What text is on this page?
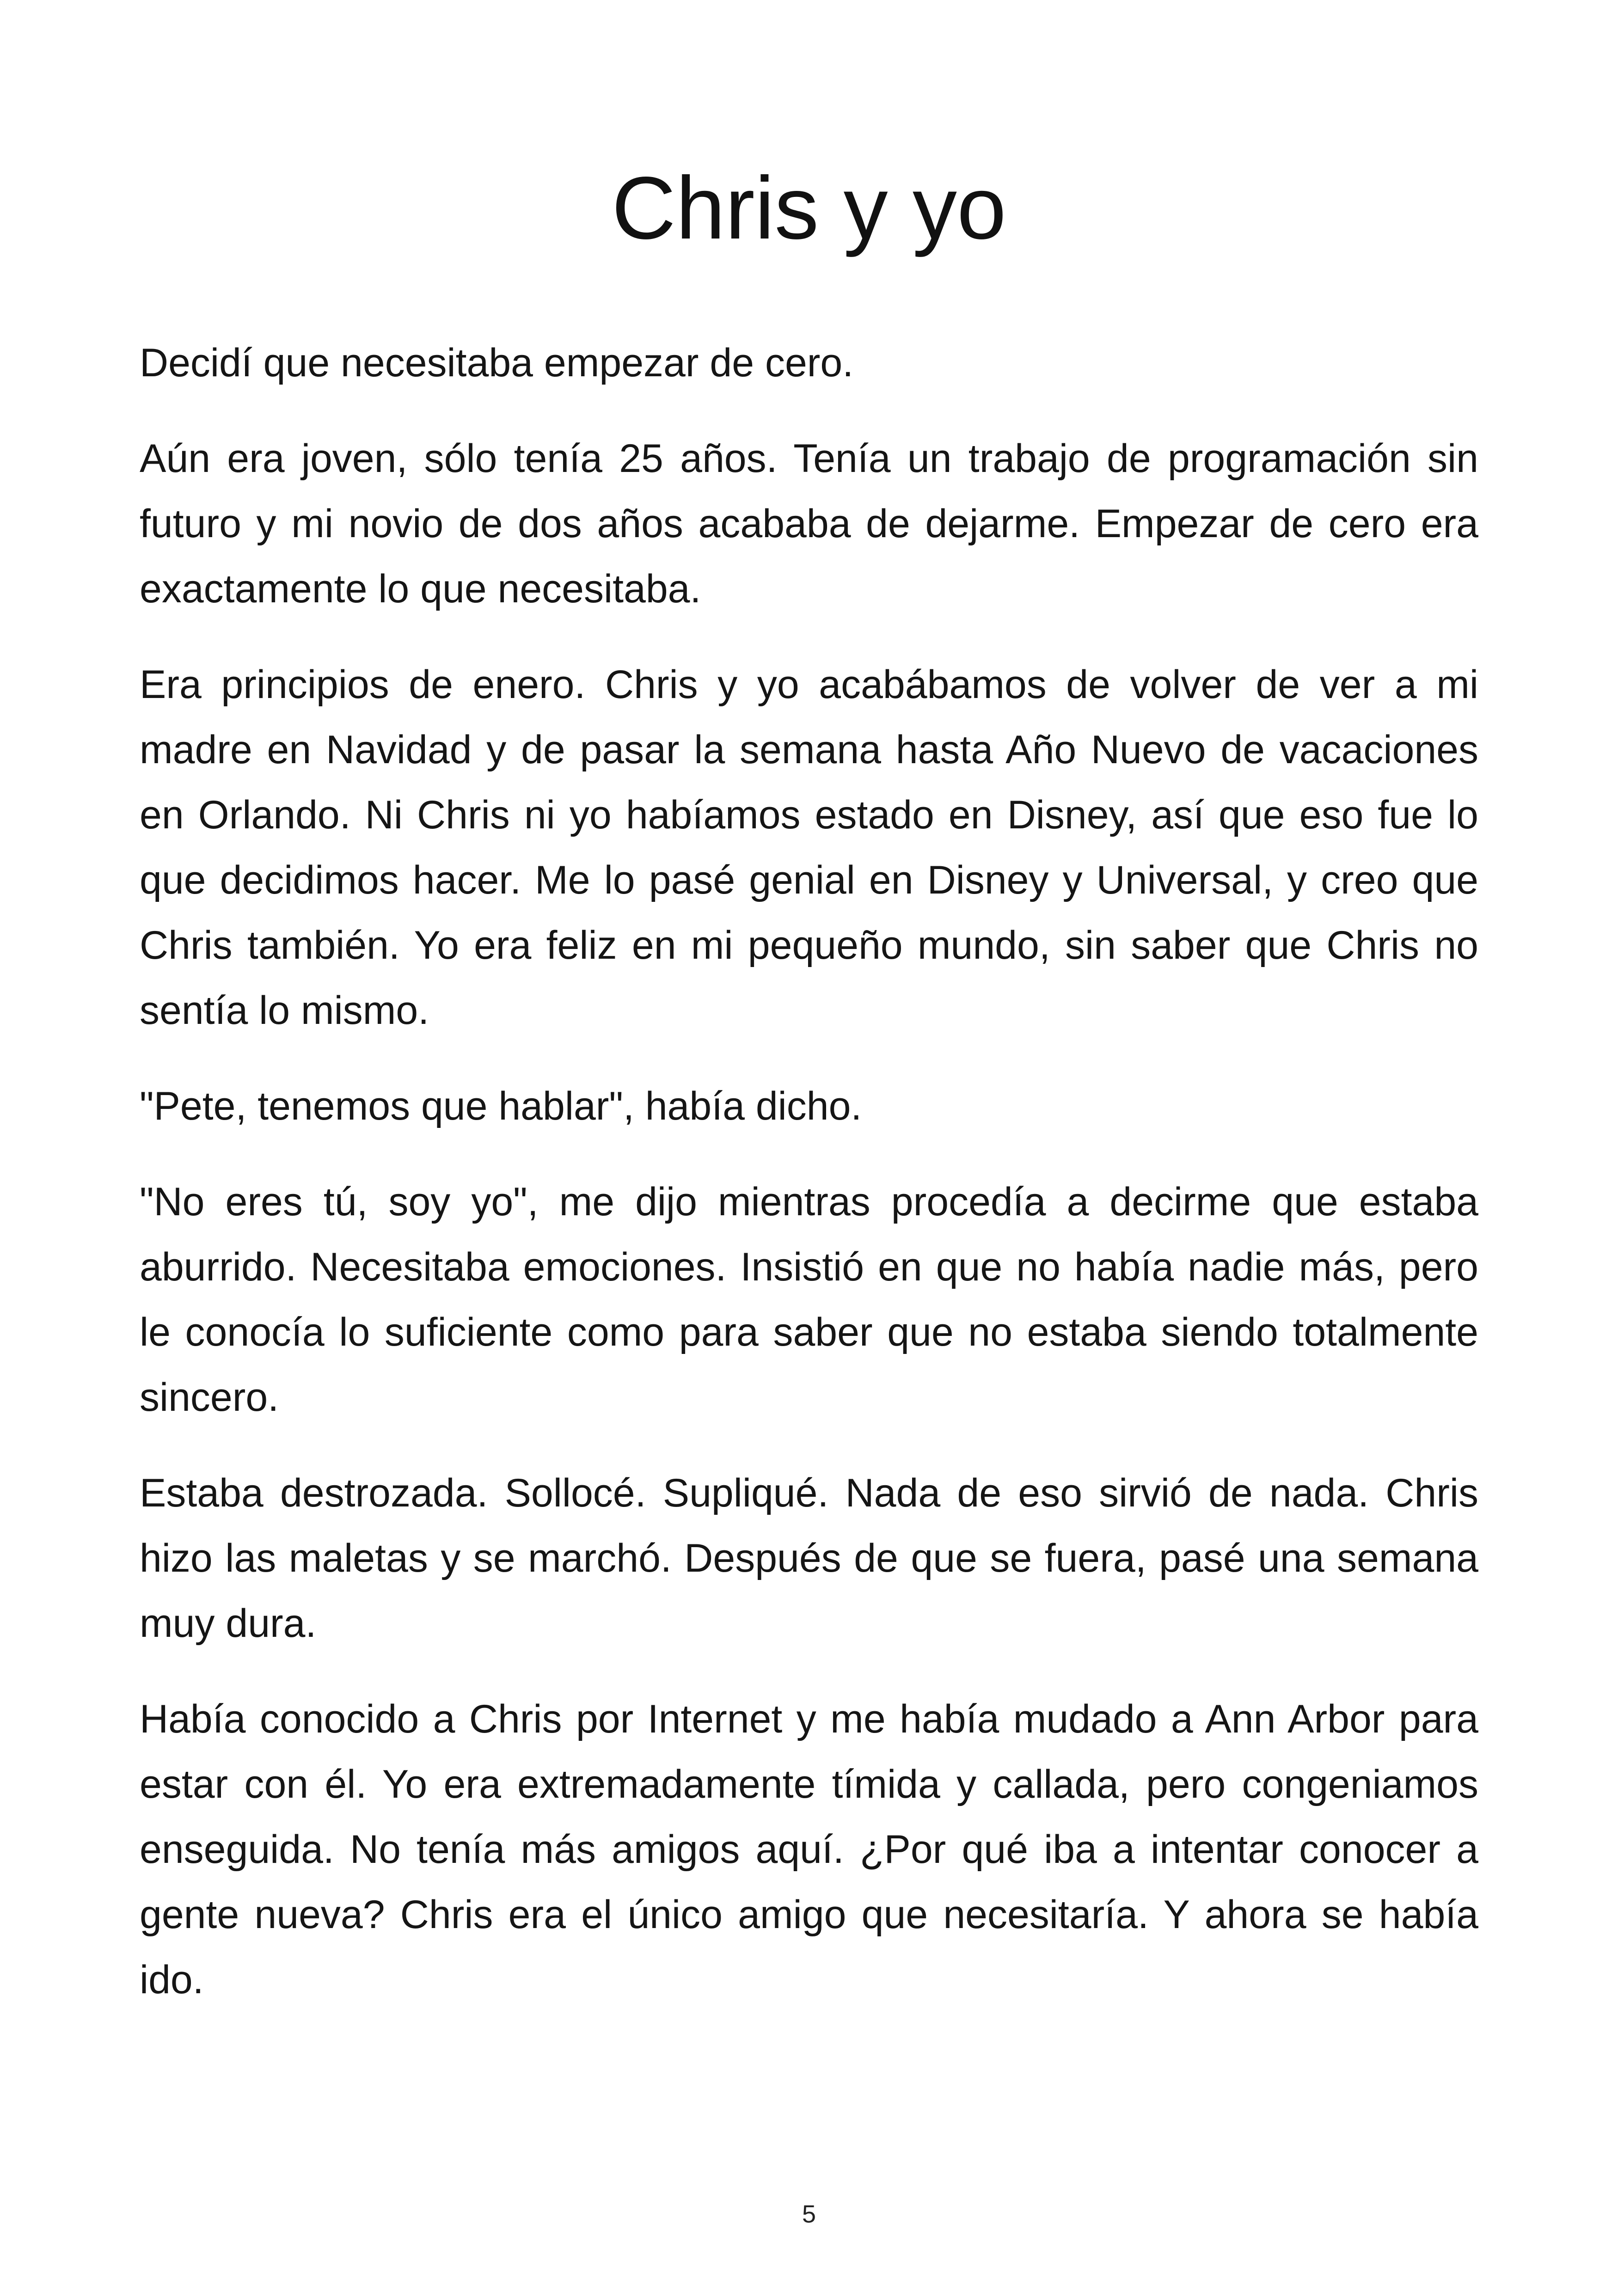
Chris y yo

Decidí que necesitaba empezar de cero.

Aún era joven, sólo tenía 25 años. Tenía un trabajo de programación sin futuro y mi novio de dos años acababa de dejarme. Empezar de cero era exactamente lo que necesitaba.

Era principios de enero. Chris y yo acabábamos de volver de ver a mi madre en Navidad y de pasar la semana hasta Año Nuevo de vacaciones en Orlando. Ni Chris ni yo habíamos estado en Disney, así que eso fue lo que decidimos hacer. Me lo pasé genial en Disney y Universal, y creo que Chris también. Yo era feliz en mi pequeño mundo, sin saber que Chris no sentía lo mismo.

"Pete, tenemos que hablar", había dicho.

"No eres tú, soy yo", me dijo mientras procedía a decirme que estaba aburrido. Necesitaba emociones. Insistió en que no había nadie más, pero le conocía lo suficiente como para saber que no estaba siendo totalmente sincero.

Estaba destrozada. Sollocé. Supliqué. Nada de eso sirvió de nada. Chris hizo las maletas y se marchó. Después de que se fuera, pasé una semana muy dura.

Había conocido a Chris por Internet y me había mudado a Ann Arbor para estar con él. Yo era extremadamente tímida y callada, pero congeniamos enseguida. No tenía más amigos aquí. ¿Por qué iba a intentar conocer a gente nueva? Chris era el único amigo que necesitaría. Y ahora se había ido.

5
